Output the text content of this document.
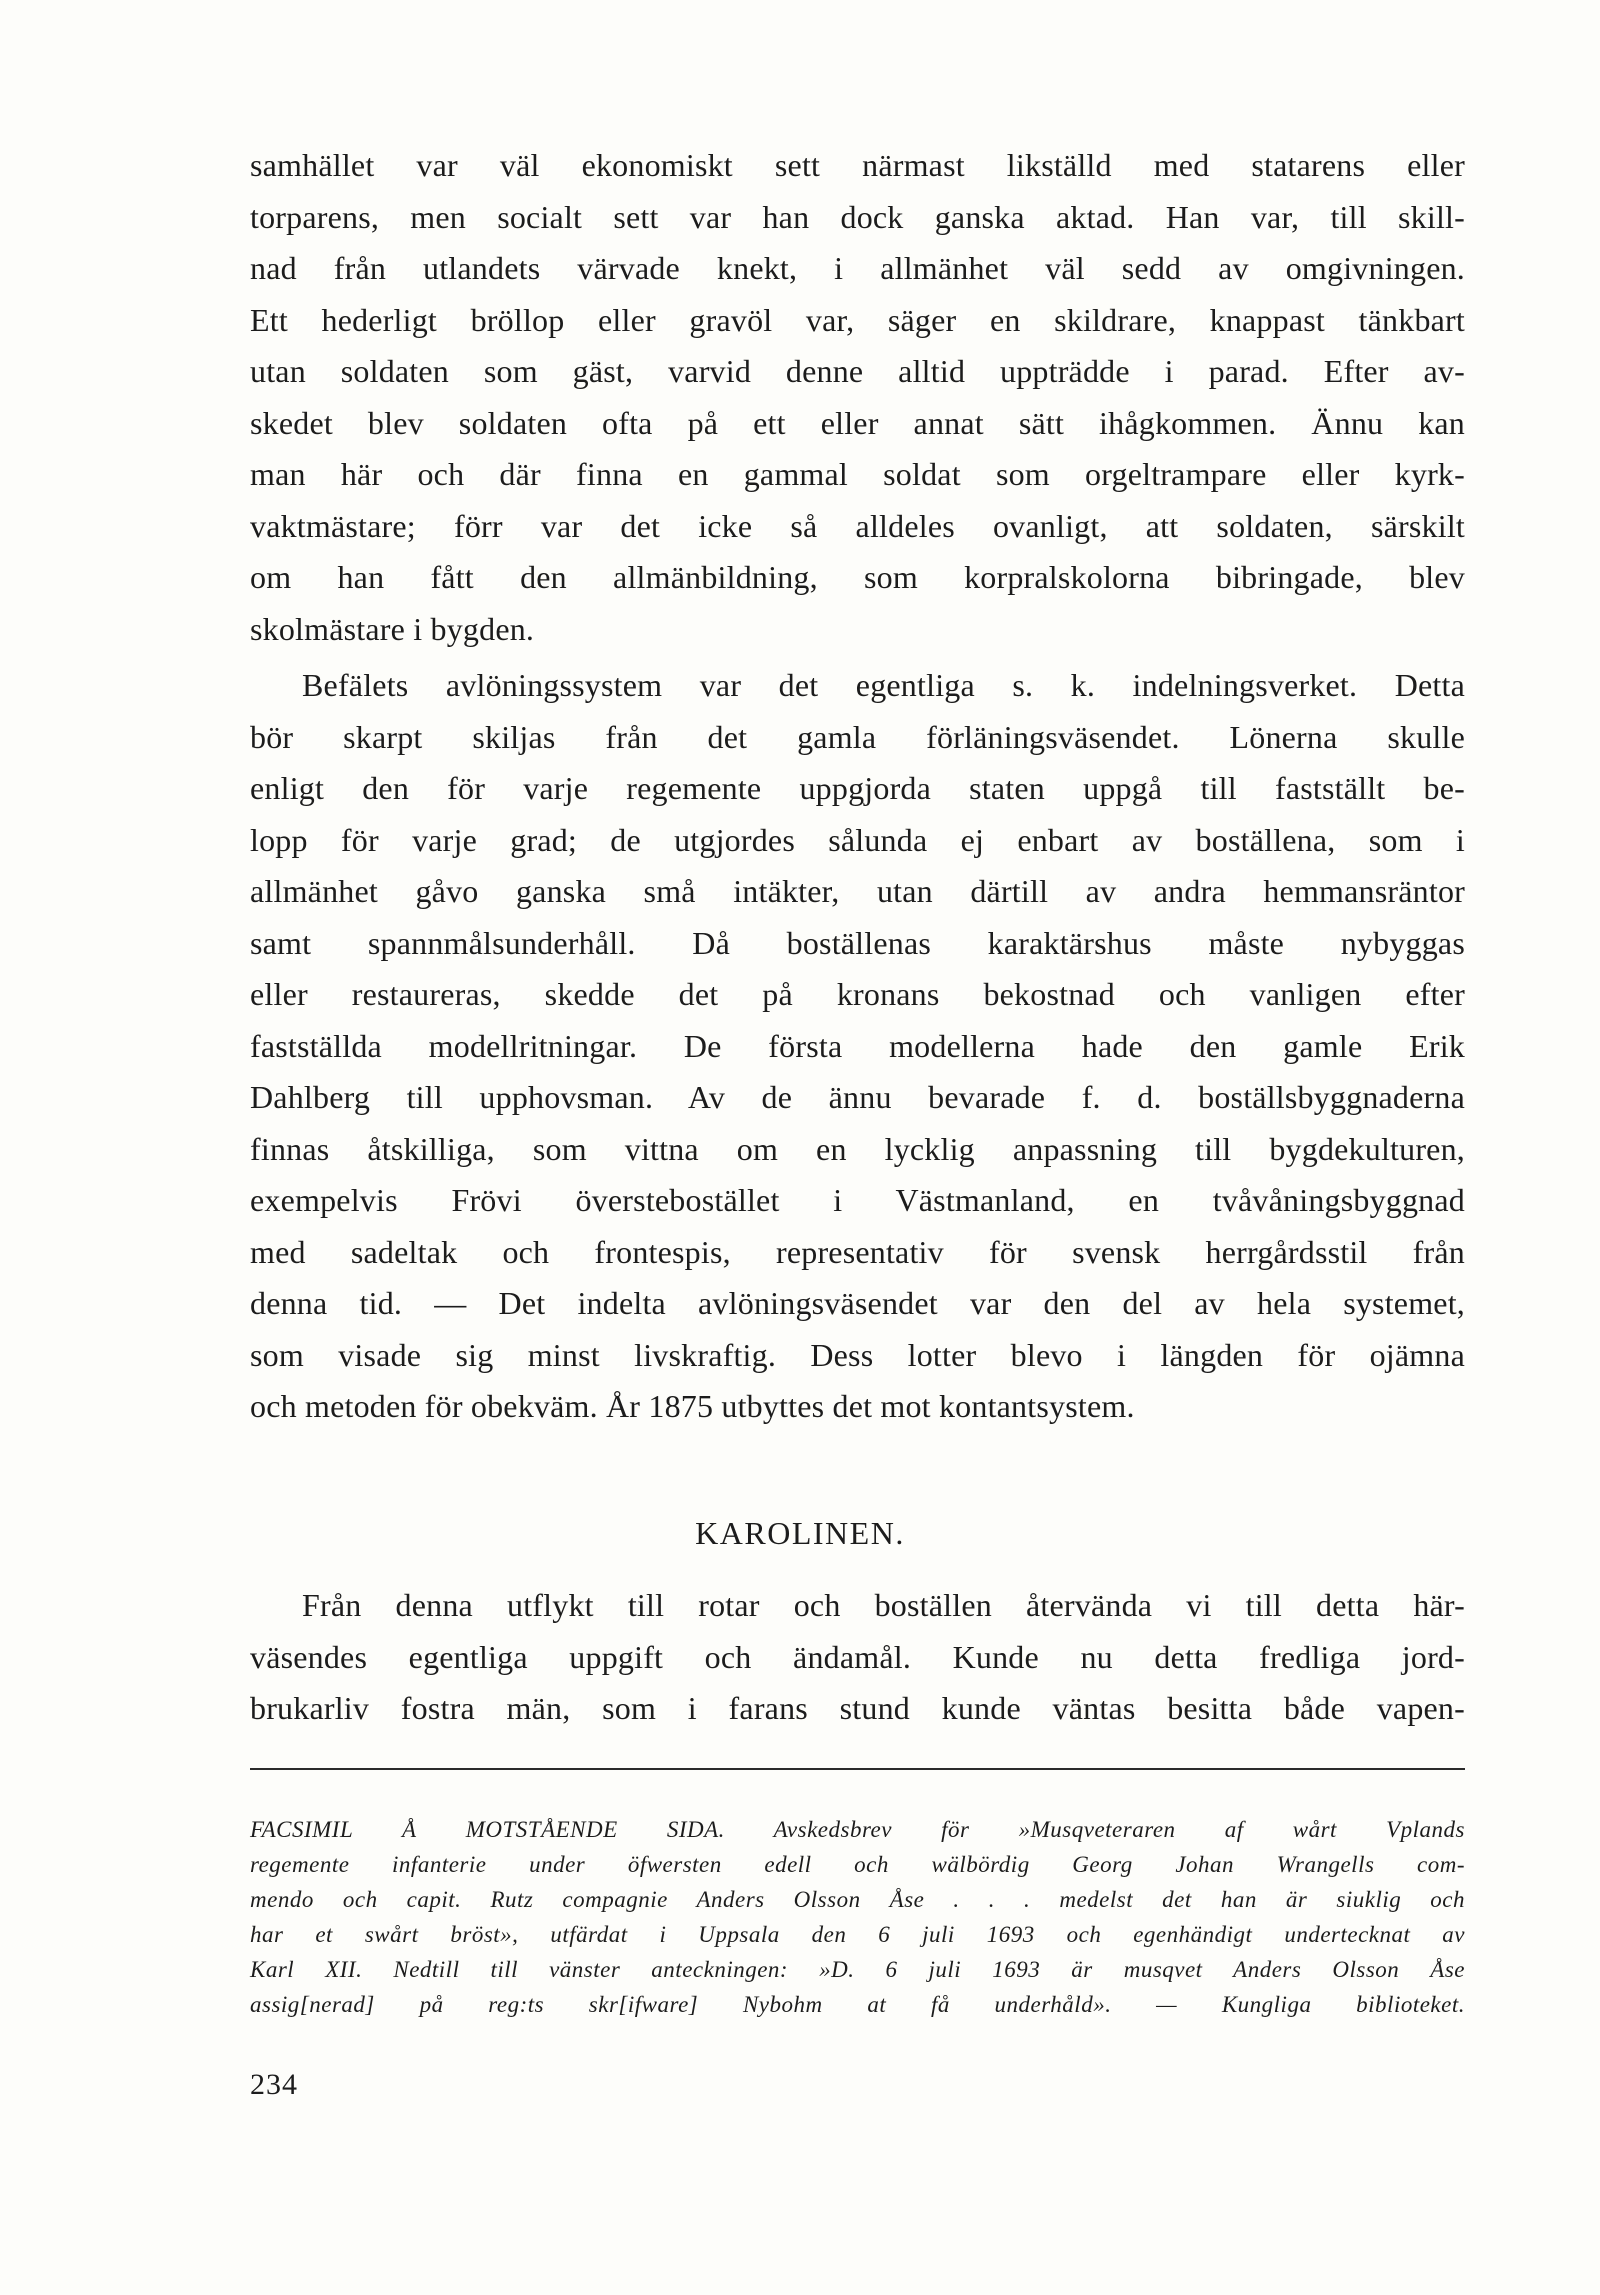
samhället var väl ekonomiskt sett närmast likställd med statarens eller
torparens, men socialt sett var han dock ganska aktad. Han var, till skill-
nad från utlandets värvade knekt, i allmänhet väl sedd av omgivningen.
Ett hederligt bröllop eller gravöl var, säger en skildrare, knappast tänkbart
utan soldaten som gäst, varvid denne alltid uppträdde i parad. Efter av-
skedet blev soldaten ofta på ett eller annat sätt ihågkommen. Ännu kan
man här och där finna en gammal soldat som orgeltrampare eller kyrk-
vaktmästare; förr var det icke så alldeles ovanligt, att soldaten, särskilt
om han fått den allmänbildning, som korpralskolorna bibringade, blev
skolmästare i bygden.
Befälets avlöningssystem var det egentliga s. k. indelningsverket. Detta
bör skarpt skiljas från det gamla förläningsväsendet. Lönerna skulle
enligt den för varje regemente uppgjorda staten uppgå till fastställt be-
lopp för varje grad; de utgjordes sålunda ej enbart av boställena, som i
allmänhet gåvo ganska små intäkter, utan därtill av andra hemmansräntor
samt spannmålsunderhåll. Då boställenas karaktärshus måste nybyggas
eller restaureras, skedde det på kronans bekostnad och vanligen efter
fastställda modellritningar. De första modellerna hade den gamle Erik
Dahlberg till upphovsman. Av de ännu bevarade f. d. boställsbyggnaderna
finnas åtskilliga, som vittna om en lycklig anpassning till bygdekulturen,
exempelvis Frövi överstebostället i Västmanland, en tvåvåningsbyggnad
med sadeltak och frontespis, representativ för svensk herrgårdsstil från
denna tid. — Det indelta avlöningsväsendet var den del av hela systemet,
som visade sig minst livskraftig. Dess lotter blevo i längden för ojämna
och metoden för obekväm. År 1875 utbyttes det mot kontantsystem.
KAROLINEN.
Från denna utflykt till rotar och boställen återvända vi till detta här-
väsendes egentliga uppgift och ändamål. Kunde nu detta fredliga jord-
brukarliv fostra män, som i farans stund kunde väntas besitta både vapen-
FACSIMIL Å MOTSTÅENDE SIDA. Avskedsbrev för »Musqveteraren af wårt Vplands
regemente infanterie under öfwersten edell och wälbördig Georg Johan Wrangells com-
mendo och capit. Rutz compagnie Anders Olsson Åse . . . medelst det han är siuklig och
har et swårt bröst», utfärdat i Uppsala den 6 juli 1693 och egenhändigt undertecknat av
Karl XII. Nedtill till vänster anteckningen: »D. 6 juli 1693 är musqvet Anders Olsson Åse
assig[nerad] på reg:ts skr[ifware] Nybohm at få underhåld». — Kungliga biblioteket.
234
